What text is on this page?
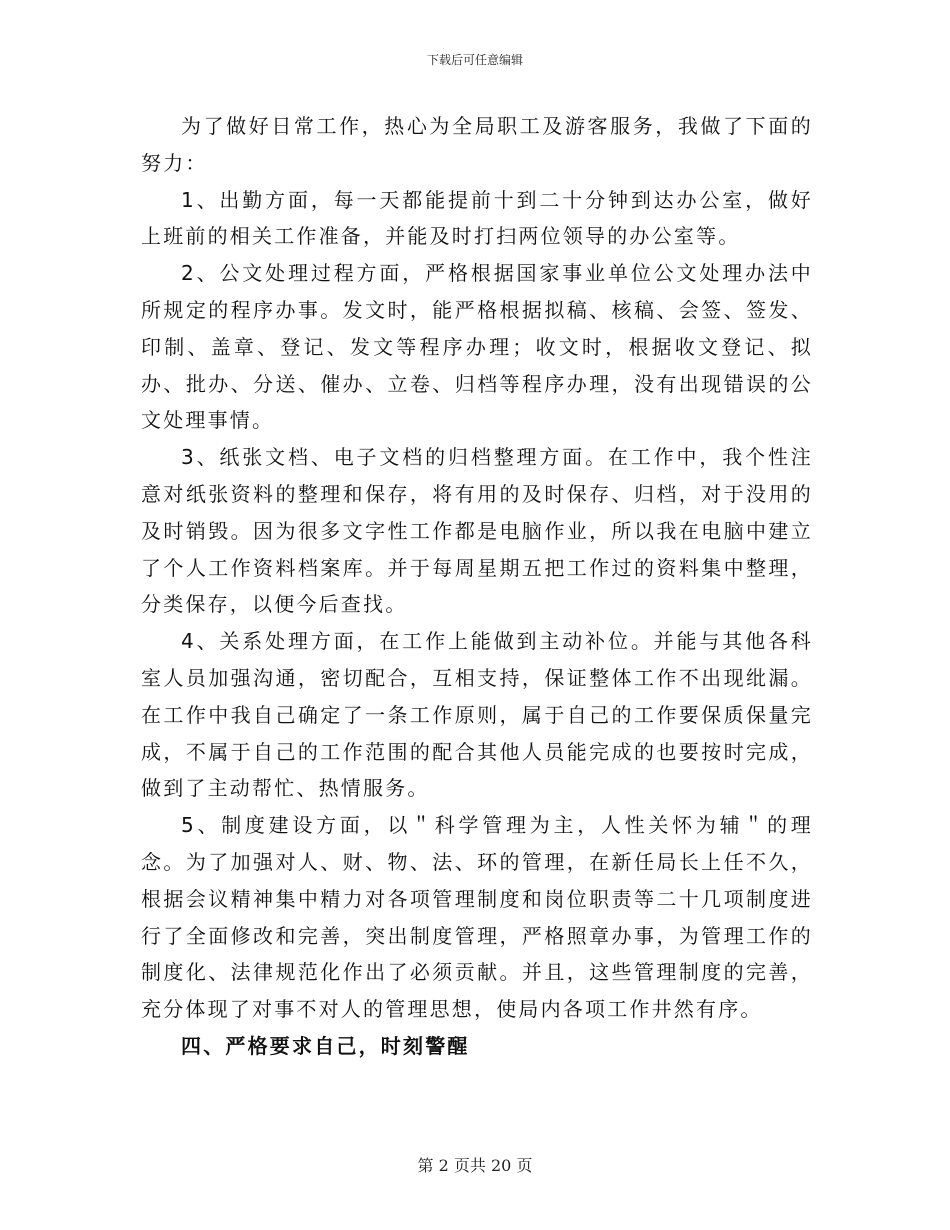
下载后可任意编辑

为了做好日常工作，热心为全局职工及游客服务，我做了下面的努力：

1、出勤方面，每一天都能提前十到二十分钟到达办公室，做好上班前的相关工作准备，并能及时打扫两位领导的办公室等。

2、公文处理过程方面，严格根据国家事业单位公文处理办法中所规定的程序办事。发文时，能严格根据拟稿、核稿、会签、签发、印制、盖章、登记、发文等程序办理；收文时，根据收文登记、拟办、批办、分送、催办、立卷、归档等程序办理，没有出现错误的公文处理事情。

3、纸张文档、电子文档的归档整理方面。在工作中，我个性注意对纸张资料的整理和保存，将有用的及时保存、归档，对于没用的及时销毁。因为很多文字性工作都是电脑作业，所以我在电脑中建立了个人工作资料档案库。并于每周星期五把工作过的资料集中整理，分类保存，以便今后查找。

4、关系处理方面，在工作上能做到主动补位。并能与其他各科室人员加强沟通，密切配合，互相支持，保证整体工作不出现纰漏。在工作中我自己确定了一条工作原则，属于自己的工作要保质保量完成，不属于自己的工作范围的配合其他人员能完成的也要按时完成，做到了主动帮忙、热情服务。

5、制度建设方面，以＂科学管理为主，人性关怀为辅＂的理念。为了加强对人、财、物、法、环的管理，在新任局长上任不久，根据会议精神集中精力对各项管理制度和岗位职责等二十几项制度进行了全面修改和完善，突出制度管理，严格照章办事，为管理工作的制度化、法律规范化作出了必须贡献。并且，这些管理制度的完善，充分体现了对事不对人的管理思想，使局内各项工作井然有序。

四、严格要求自己，时刻警醒

第 2 页共 20 页
